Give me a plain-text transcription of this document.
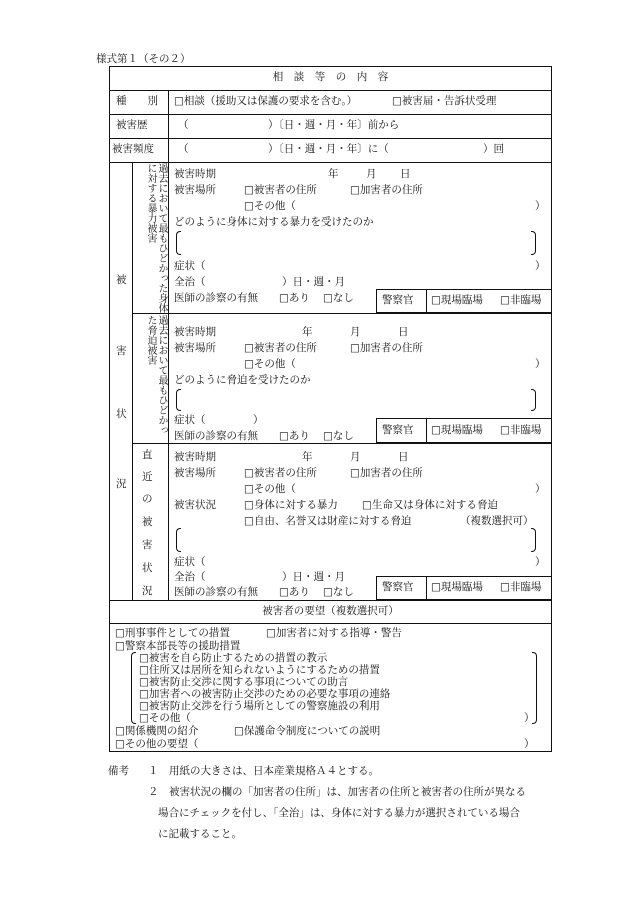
様式第１（その２）
相　談　等　の　内　容
種　　別 □相談（援助又は保護の要求を含む。）	□被害届・告訴状受理
被害歴	（	）〔日・週・月・年〕前から
被害頻度 （	）〔日・週・月・年〕に（	）回
被
害
状
況
過去において最もひどかった身体に対する暴力被害	被害時期	年	月 日
被害場所	□被害者の住所	□加害者の住所
□その他（	）
どのように身体に対する暴力を受けたのか
症状（	）
全治（	）日・週・月
医師の診察の有無 □あり □なし	警察官 □現場臨場 □非臨場
過去において最もひどかった脅迫被害	被害時期	年	月	日
被害場所	□被害者の住所	□加害者の住所
□その他（	）
どのように脅迫を受けたのか
症状（	）
医師の診察の有無 □あり □なし	警察官 □現場臨場 □非臨場
直
近
の
被
害
状
況
被害時期	年	月	日
被害場所	□被害者の住所	□加害者の住所
□その他（	）
被害状況	□身体に対する暴力 □生命又は身体に対する脅迫
□自由、名誉又は財産に対する脅迫	（複数選択可）
症状（	）
全治（	）日・週・月
医師の診察の有無 □あり □なし	警察官 □現場臨場 □非臨場
被害者の要望（複数選択可）
□刑事事件としての措置	□加害者に対する指導・警告
□警察本部長等の援助措置
□被害を自ら防止するための措置の教示
□住所又は居所を知られないようにするための措置
□被害防止交渉に関する事項についての助言
□加害者への被害防止交渉のための必要な事項の連絡
□被害防止交渉を行う場所としての警察施設の利用
□その他（	）
□関係機関の紹介	□保護命令制度についての説明
□その他の要望（	）
備考 １ 用紙の大きさは、日本産業規格Ａ４とする。
２ 被害状況の欄の「加害者の住所」は、加害者の住所と被害者の住所が異なる
場合にチェックを付し、「全治」は、身体に対する暴力が選択されている場合
に記載すること。
